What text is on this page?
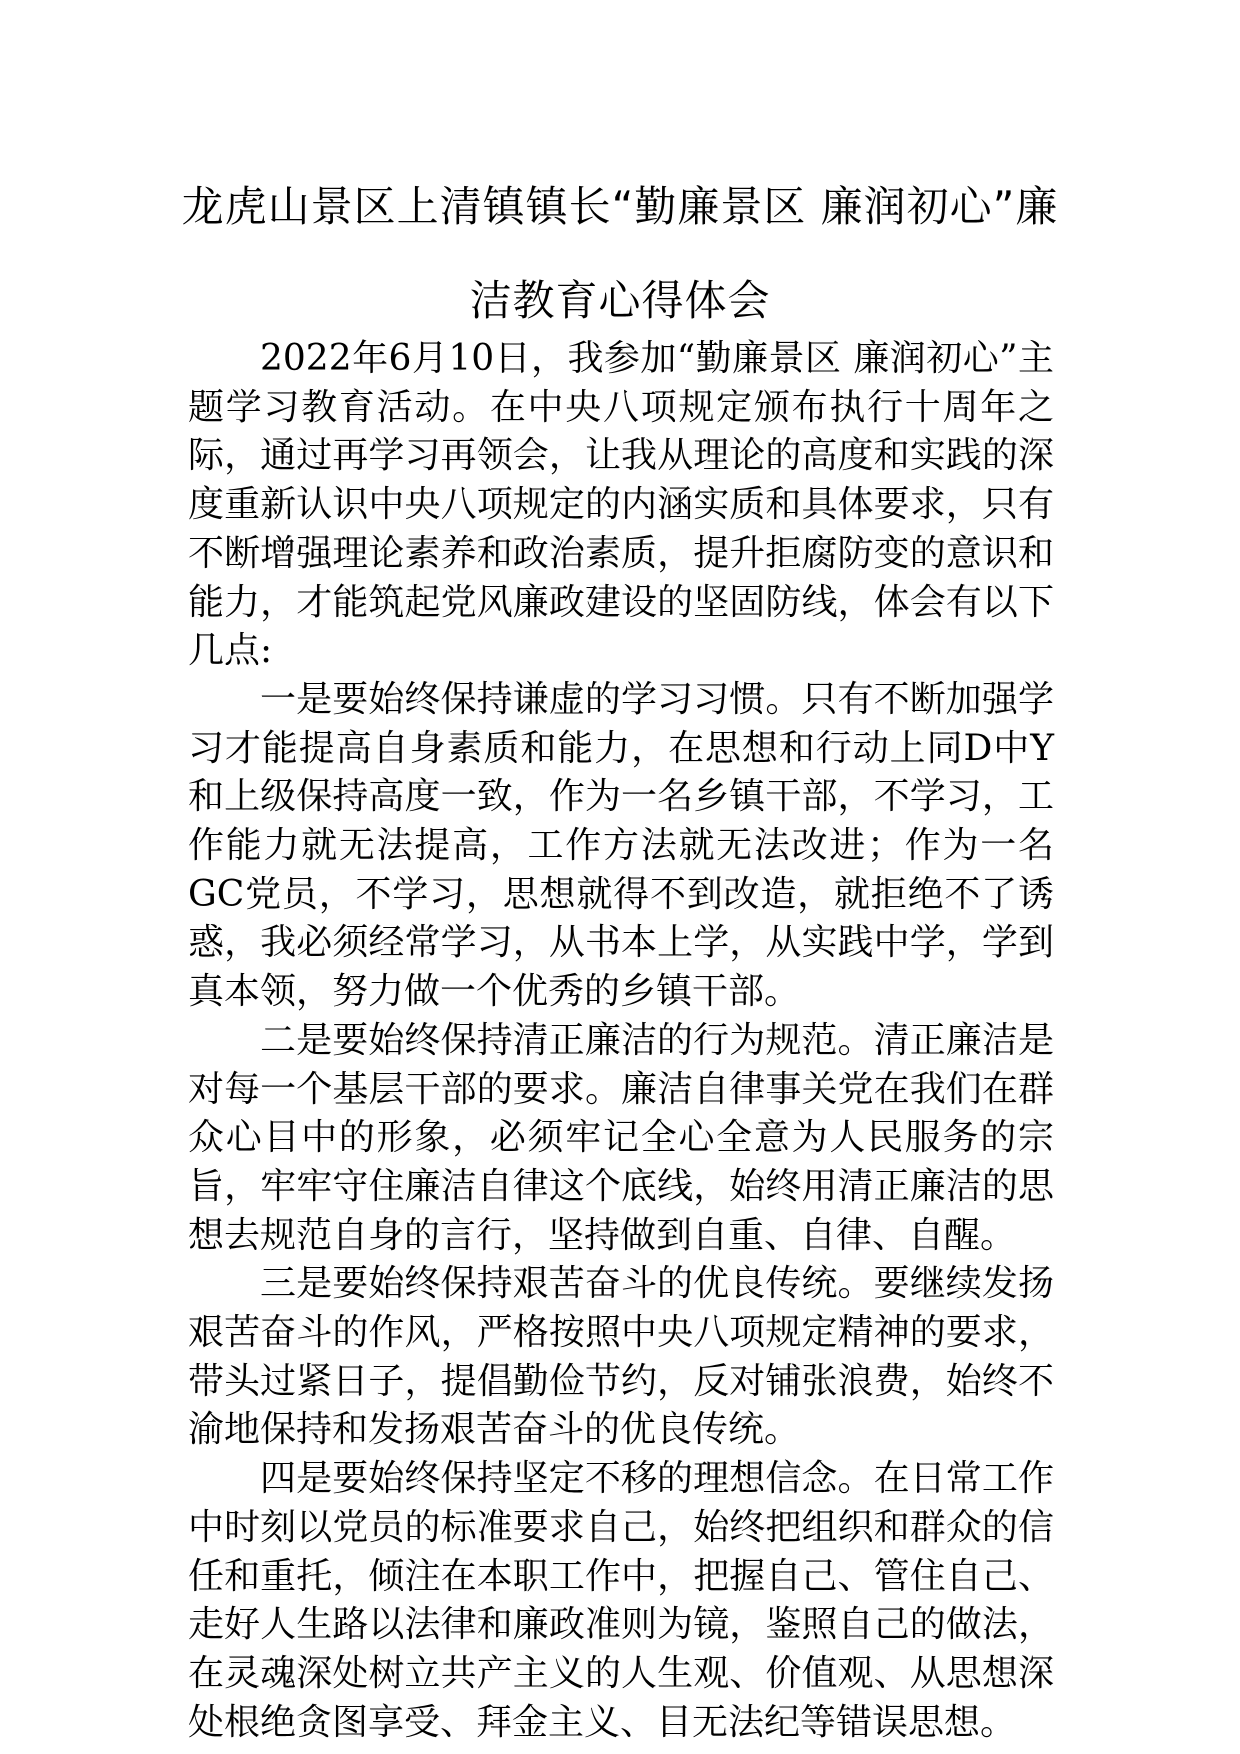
龙虎山景区上清镇镇长“勤廉景区 廉润初心”廉洁教育心得体会

2022年6月10日，我参加“勤廉景区 廉润初心”主题学习教育活动。在中央八项规定颁布执行十周年之际，通过再学习再领会，让我从理论的高度和实践的深度重新认识中央八项规定的内涵实质和具体要求，只有不断增强理论素养和政治素质，提升拒腐防变的意识和能力，才能筑起党风廉政建设的坚固防线，体会有以下几点:

一是要始终保持谦虚的学习习惯。只有不断加强学习才能提高自身素质和能力，在思想和行动上同D中Y和上级保持高度一致，作为一名乡镇干部，不学习，工作能力就无法提高，工作方法就无法改进；作为一名GC党员，不学习，思想就得不到改造，就拒绝不了诱惑，我必须经常学习，从书本上学，从实践中学，学到真本领，努力做一个优秀的乡镇干部。

二是要始终保持清正廉洁的行为规范。清正廉洁是对每一个基层干部的要求。廉洁自律事关党在我们在群众心目中的形象，必须牢记全心全意为人民服务的宗旨，牢牢守住廉洁自律这个底线，始终用清正廉洁的思想去规范自身的言行，坚持做到自重、自律、自醒。

三是要始终保持艰苦奋斗的优良传统。要继续发扬艰苦奋斗的作风，严格按照中央八项规定精神的要求，带头过紧日子，提倡勤俭节约，反对铺张浪费，始终不渝地保持和发扬艰苦奋斗的优良传统。

四是要始终保持坚定不移的理想信念。在日常工作中时刻以党员的标准要求自己，始终把组织和群众的信任和重托，倾注在本职工作中，把握自己、管住自己、走好人生路以法律和廉政准则为镜，鉴照自己的做法，在灵魂深处树立共产主义的人生观、价值观、从思想深处根绝贪图享受、拜金主义、目无法纪等错误思想。
